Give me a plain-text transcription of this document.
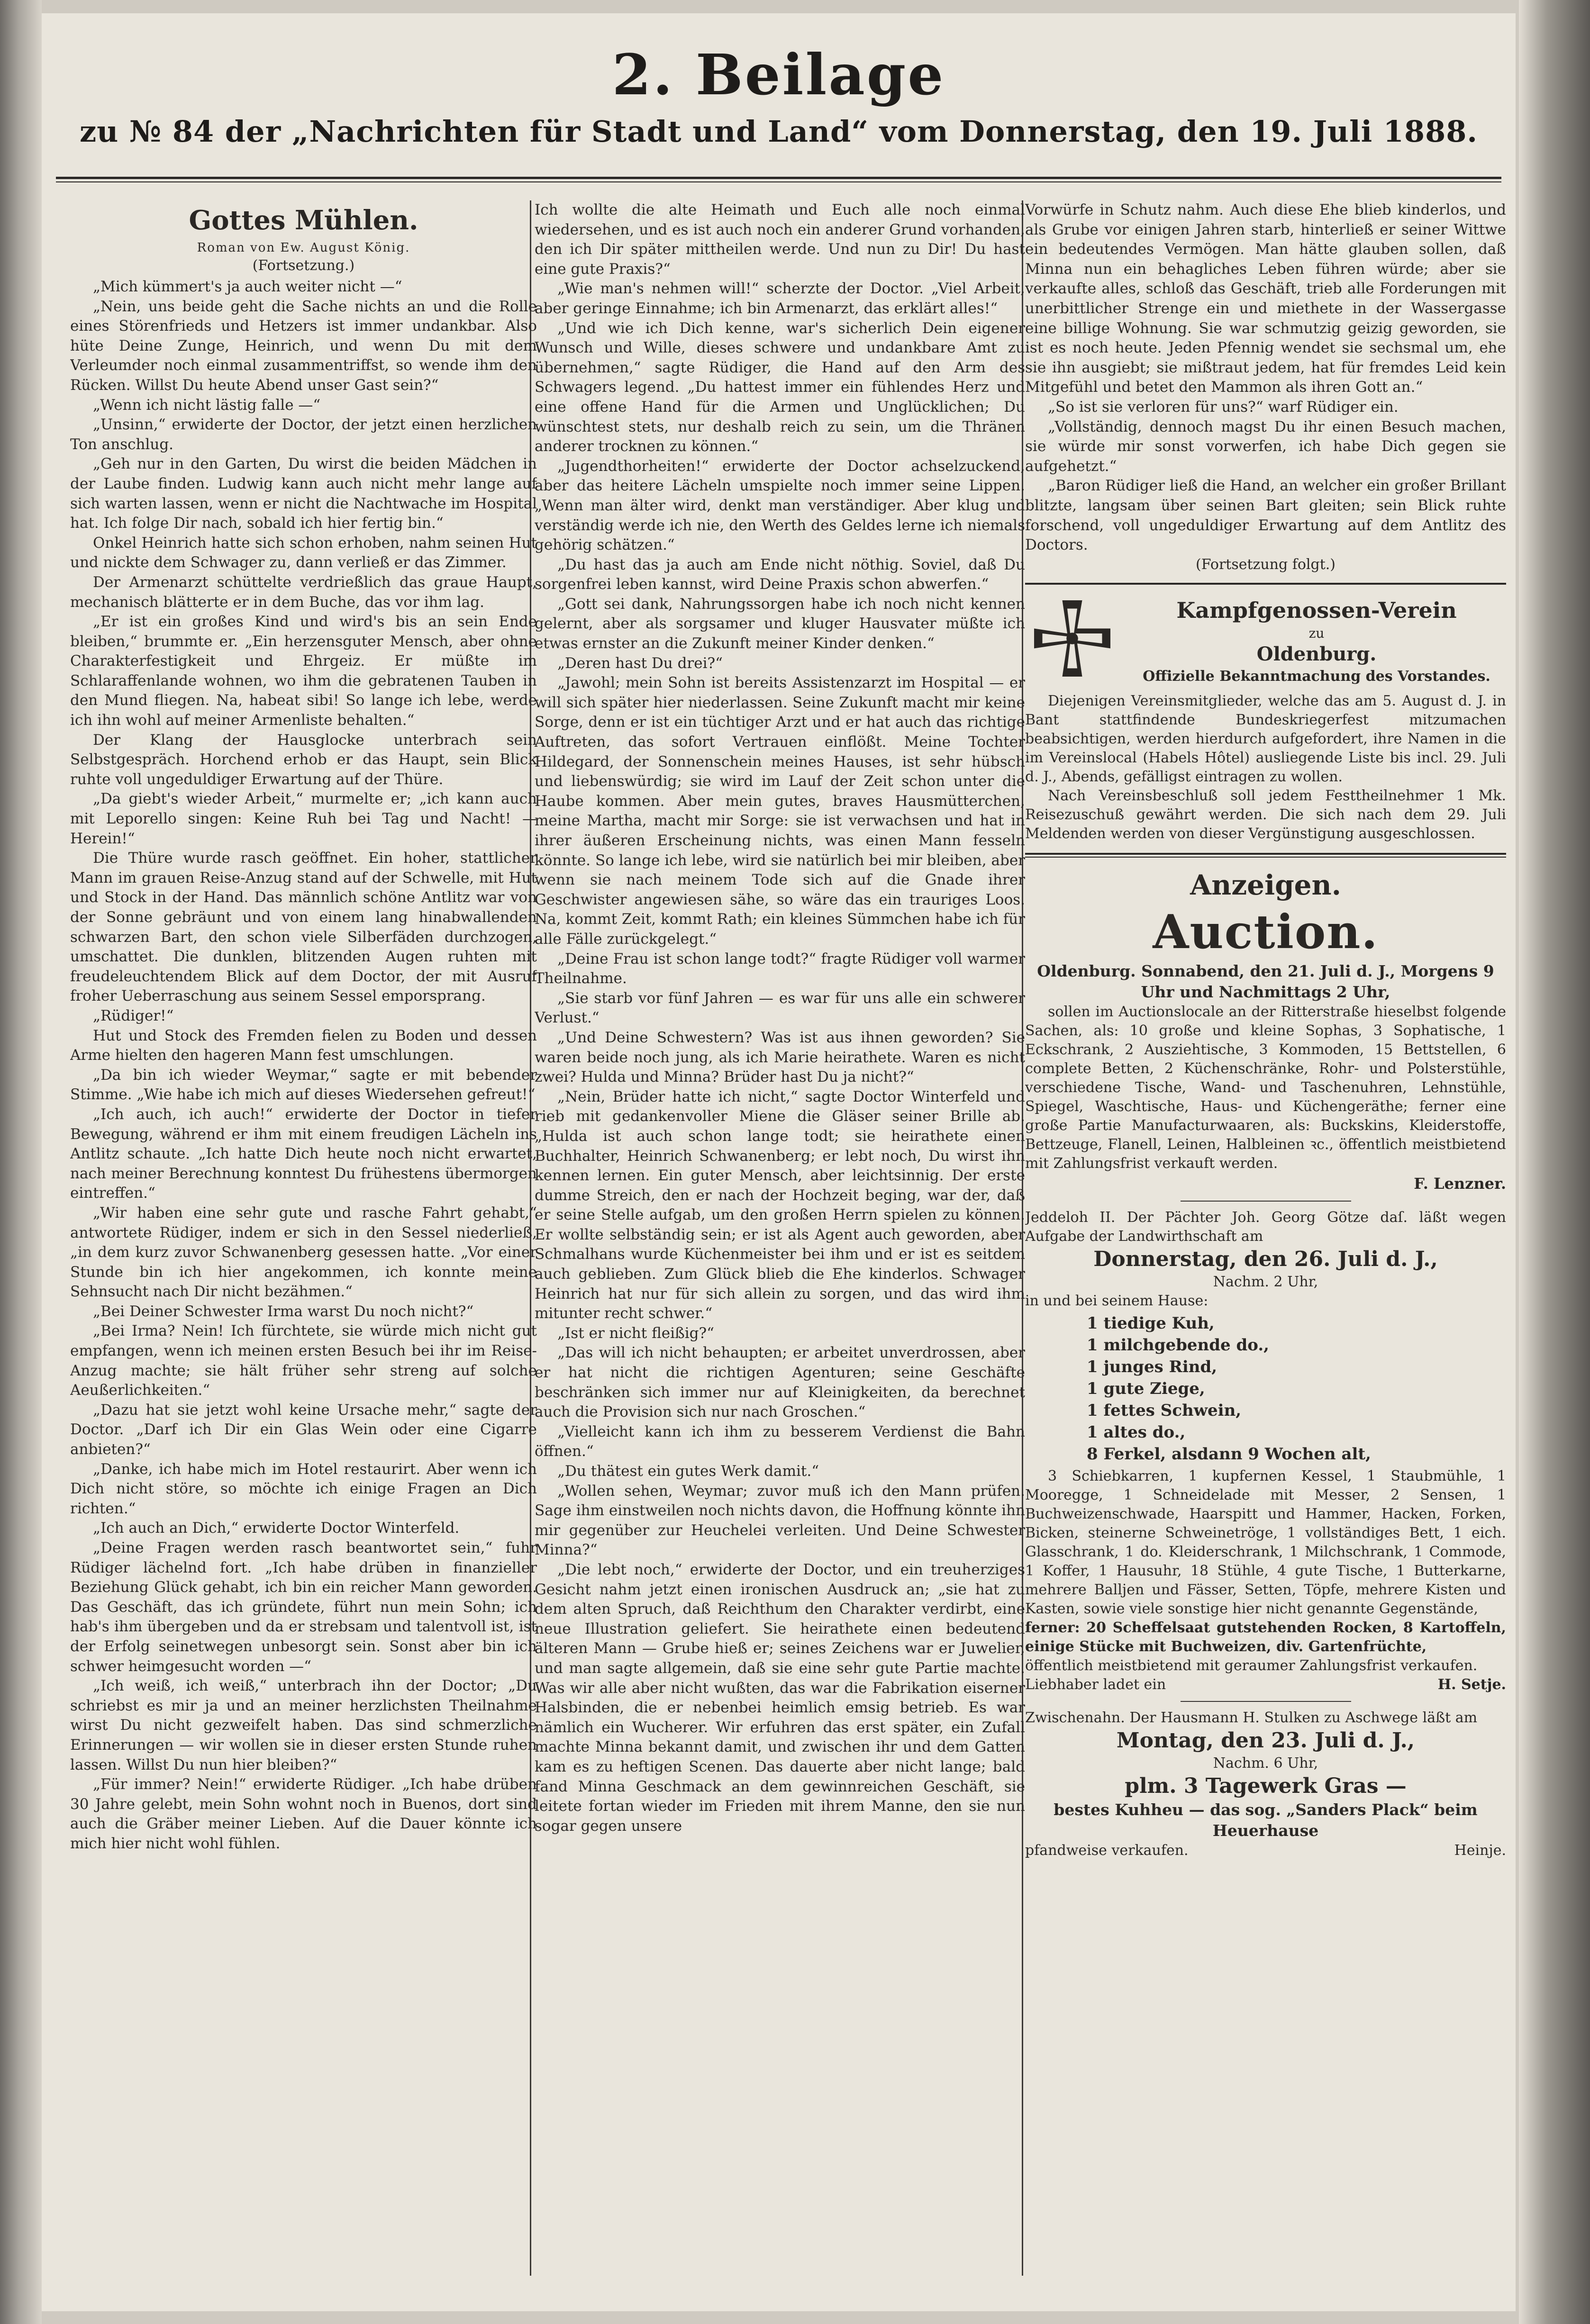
2. Beilage
zu № 84 der „Nachrichten für Stadt und Land“ vom Donnerstag, den 19. Juli 1888.
Gottes Mühlen.
Roman von Ew. August König.
(Fortsetzung.)

„Mich kümmert's ja auch weiter nicht —“

„Nein, uns beide geht die Sache nichts an und die Rolle eines Störenfrieds und Hetzers ist immer undankbar. Also hüte Deine Zunge, Heinrich, und wenn Du mit dem Verleumder noch einmal zusammentriffst, so wende ihm den Rücken. Willst Du heute Abend unser Gast sein?“

„Wenn ich nicht lästig falle —“

„Unsinn,“ erwiderte der Doctor, der jetzt einen herzlichen Ton anschlug.

„Geh nur in den Garten, Du wirst die beiden Mädchen in der Laube finden. Ludwig kann auch nicht mehr lange auf sich warten lassen, wenn er nicht die Nachtwache im Hospital hat. Ich folge Dir nach, sobald ich hier fertig bin.“

Onkel Heinrich hatte sich schon erhoben, nahm seinen Hut und nickte dem Schwager zu, dann verließ er das Zimmer.

Der Armenarzt schüttelte verdrießlich das graue Haupt, mechanisch blätterte er in dem Buche, das vor ihm lag.

„Er ist ein großes Kind und wird's bis an sein Ende bleiben,“ brummte er. „Ein herzensguter Mensch, aber ohne Charakterfestigkeit und Ehrgeiz. Er müßte im Schlaraffenlande wohnen, wo ihm die gebratenen Tauben in den Mund fliegen. Na, habeat sibi! So lange ich lebe, werde ich ihn wohl auf meiner Armenliste behalten.“

Der Klang der Hausglocke unterbrach sein Selbstgespräch. Horchend erhob er das Haupt, sein Blick ruhte voll ungeduldiger Erwartung auf der Thüre.

„Da giebt's wieder Arbeit,“ murmelte er; „ich kann auch mit Leporello singen: Keine Ruh bei Tag und Nacht! — Herein!“

Die Thüre wurde rasch geöffnet. Ein hoher, stattlicher Mann im grauen Reise-Anzug stand auf der Schwelle, mit Hut und Stock in der Hand. Das männlich schöne Antlitz war von der Sonne gebräunt und von einem lang hinabwallenden schwarzen Bart, den schon viele Silberfäden durchzogen, umschattet. Die dunklen, blitzenden Augen ruhten mit freudeleuchtendem Blick auf dem Doctor, der mit Ausruf froher Ueberraschung aus seinem Sessel emporsprang.

„Rüdiger!“

Hut und Stock des Fremden fielen zu Boden und dessen Arme hielten den hageren Mann fest umschlungen.

„Da bin ich wieder Weymar,“ sagte er mit bebender Stimme. „Wie habe ich mich auf dieses Wiedersehen gefreut!“

„Ich auch, ich auch!“ erwiderte der Doctor in tiefer Bewegung, während er ihm mit einem freudigen Lächeln ins Antlitz schaute. „Ich hatte Dich heute noch nicht erwartet, nach meiner Berechnung konntest Du frühestens übermorgen eintreffen.“

„Wir haben eine sehr gute und rasche Fahrt gehabt,“ antwortete Rüdiger, indem er sich in den Sessel niederließ, „in dem kurz zuvor Schwanenberg gesessen hatte. „Vor einer Stunde bin ich hier angekommen, ich konnte meine Sehnsucht nach Dir nicht bezähmen.“

„Bei Deiner Schwester Irma warst Du noch nicht?“

„Bei Irma? Nein! Ich fürchtete, sie würde mich nicht gut empfangen, wenn ich meinen ersten Besuch bei ihr im Reise-Anzug machte; sie hält früher sehr streng auf solche Aeußerlichkeiten.“

„Dazu hat sie jetzt wohl keine Ursache mehr,“ sagte der Doctor. „Darf ich Dir ein Glas Wein oder eine Cigarre anbieten?“

„Danke, ich habe mich im Hotel restaurirt. Aber wenn ich Dich nicht störe, so möchte ich einige Fragen an Dich richten.“

„Ich auch an Dich,“ erwiderte Doctor Winterfeld.

„Deine Fragen werden rasch beantwortet sein,“ fuhr Rüdiger lächelnd fort. „Ich habe drüben in finanzieller Beziehung Glück gehabt, ich bin ein reicher Mann geworden. Das Geschäft, das ich gründete, führt nun mein Sohn; ich hab's ihm übergeben und da er strebsam und talentvoll ist, ist der Erfolg seinetwegen unbesorgt sein. Sonst aber bin ich schwer heimgesucht worden —“

„Ich weiß, ich weiß,“ unterbrach ihn der Doctor; „Du schriebst es mir ja und an meiner herzlichsten Theilnahme wirst Du nicht gezweifelt haben. Das sind schmerzliche Erinnerungen — wir wollen sie in dieser ersten Stunde ruhen lassen. Willst Du nun hier bleiben?“

„Für immer? Nein!“ erwiderte Rüdiger. „Ich habe drüben 30 Jahre gelebt, mein Sohn wohnt noch in Buenos, dort sind auch die Gräber meiner Lieben. Auf die Dauer könnte ich mich hier nicht wohl fühlen.

Ich wollte die alte Heimath und Euch alle noch einmal wiedersehen, und es ist auch noch ein anderer Grund vorhanden, den ich Dir später mittheilen werde. Und nun zu Dir! Du hast eine gute Praxis?“

„Wie man's nehmen will!“ scherzte der Doctor. „Viel Arbeit, aber geringe Einnahme; ich bin Armenarzt, das erklärt alles!“

„Und wie ich Dich kenne, war's sicherlich Dein eigener Wunsch und Wille, dieses schwere und undankbare Amt zu übernehmen,“ sagte Rüdiger, die Hand auf den Arm des Schwagers legend. „Du hattest immer ein fühlendes Herz und eine offene Hand für die Armen und Unglücklichen; Du wünschtest stets, nur deshalb reich zu sein, um die Thränen anderer trocknen zu können.“

„Jugendthorheiten!“ erwiderte der Doctor achselzuckend, aber das heitere Lächeln umspielte noch immer seine Lippen. „Wenn man älter wird, denkt man verständiger. Aber klug und verständig werde ich nie, den Werth des Geldes lerne ich niemals gehörig schätzen.“

„Du hast das ja auch am Ende nicht nöthig. Soviel, daß Du sorgenfrei leben kannst, wird Deine Praxis schon abwerfen.“

„Gott sei dank, Nahrungssorgen habe ich noch nicht kennen gelernt, aber als sorgsamer und kluger Hausvater müßte ich etwas ernster an die Zukunft meiner Kinder denken.“

„Deren hast Du drei?“

„Jawohl; mein Sohn ist bereits Assistenzarzt im Hospital — er will sich später hier niederlassen. Seine Zukunft macht mir keine Sorge, denn er ist ein tüchtiger Arzt und er hat auch das richtige Auftreten, das sofort Vertrauen einflößt. Meine Tochter Hildegard, der Sonnenschein meines Hauses, ist sehr hübsch und liebenswürdig; sie wird im Lauf der Zeit schon unter die Haube kommen. Aber mein gutes, braves Hausmütterchen, meine Martha, macht mir Sorge: sie ist verwachsen und hat in ihrer äußeren Erscheinung nichts, was einen Mann fesseln könnte. So lange ich lebe, wird sie natürlich bei mir bleiben, aber wenn sie nach meinem Tode sich auf die Gnade ihrer Geschwister angewiesen sähe, so wäre das ein trauriges Loos. Na, kommt Zeit, kommt Rath; ein kleines Sümmchen habe ich für alle Fälle zurückgelegt.“

„Deine Frau ist schon lange todt?“ fragte Rüdiger voll warmer Theilnahme.

„Sie starb vor fünf Jahren — es war für uns alle ein schwerer Verlust.“

„Und Deine Schwestern? Was ist aus ihnen geworden? Sie waren beide noch jung, als ich Marie heirathete. Waren es nicht zwei? Hulda und Minna? Brüder hast Du ja nicht?“

„Nein, Brüder hatte ich nicht,“ sagte Doctor Winterfeld und rieb mit gedankenvoller Miene die Gläser seiner Brille ab. „Hulda ist auch schon lange todt; sie heirathete einen Buchhalter, Heinrich Schwanenberg; er lebt noch, Du wirst ihn kennen lernen. Ein guter Mensch, aber leichtsinnig. Der erste dumme Streich, den er nach der Hochzeit beging, war der, daß er seine Stelle aufgab, um den großen Herrn spielen zu können. Er wollte selbständig sein; er ist als Agent auch geworden, aber Schmalhans wurde Küchenmeister bei ihm und er ist es seitdem auch geblieben. Zum Glück blieb die Ehe kinderlos. Schwager Heinrich hat nur für sich allein zu sorgen, und das wird ihm mitunter recht schwer.“

„Ist er nicht fleißig?“

„Das will ich nicht behaupten; er arbeitet unverdrossen, aber er hat nicht die richtigen Agenturen; seine Geschäfte beschränken sich immer nur auf Kleinigkeiten, da berechnet auch die Provision sich nur nach Groschen.“

„Vielleicht kann ich ihm zu besserem Verdienst die Bahn öffnen.“

„Du thätest ein gutes Werk damit.“

„Wollen sehen, Weymar; zuvor muß ich den Mann prüfen. Sage ihm einstweilen noch nichts davon, die Hoffnung könnte ihn mir gegenüber zur Heuchelei verleiten. Und Deine Schwester Minna?“

„Die lebt noch,“ erwiderte der Doctor, und ein treuherziges Gesicht nahm jetzt einen ironischen Ausdruck an; „sie hat zu dem alten Spruch, daß Reichthum den Charakter verdirbt, eine neue Illustration geliefert. Sie heirathete einen bedeutend älteren Mann — Grube hieß er; seines Zeichens war er Juwelier, und man sagte allgemein, daß sie eine sehr gute Partie machte. Was wir alle aber nicht wußten, das war die Fabrikation eiserner Halsbinden, die er nebenbei heimlich emsig betrieb. Es war nämlich ein Wucherer. Wir erfuhren das erst später, ein Zufall machte Minna bekannt damit, und zwischen ihr und dem Gatten kam es zu heftigen Scenen. Das dauerte aber nicht lange; bald fand Minna Geschmack an dem gewinnreichen Geschäft, sie leitete fortan wieder im Frieden mit ihrem Manne, den sie nun sogar gegen unsere

Vorwürfe in Schutz nahm. Auch diese Ehe blieb kinderlos, und als Grube vor einigen Jahren starb, hinterließ er seiner Wittwe ein bedeutendes Vermögen. Man hätte glauben sollen, daß Minna nun ein behagliches Leben führen würde; aber sie verkaufte alles, schloß das Geschäft, trieb alle Forderungen mit unerbittlicher Strenge ein und miethete in der Wassergasse eine billige Wohnung. Sie war schmutzig geizig geworden, sie ist es noch heute. Jeden Pfennig wendet sie sechsmal um, ehe sie ihn ausgiebt; sie mißtraut jedem, hat für fremdes Leid kein Mitgefühl und betet den Mammon als ihren Gott an.“

„So ist sie verloren für uns?“ warf Rüdiger ein.

„Vollständig, dennoch magst Du ihr einen Besuch machen, sie würde mir sonst vorwerfen, ich habe Dich gegen sie aufgehetzt.“

„Baron Rüdiger ließ die Hand, an welcher ein großer Brillant blitzte, langsam über seinen Bart gleiten; sein Blick ruhte forschend, voll ungeduldiger Erwartung auf dem Antlitz des Doctors.

(Fortsetzung folgt.)
Kampfgenossen-Verein
zu
Oldenburg.
Offizielle Bekanntmachung des Vorstandes.

Diejenigen Vereinsmitglieder, welche das am 5. August d. J. in Bant stattfindende Bundeskriegerfest mitzumachen beabsichtigen, werden hierdurch aufgefordert, ihre Namen in die im Vereinslocal (Habels Hôtel) ausliegende Liste bis incl. 29. Juli d. J., Abends, gefälligst eintragen zu wollen.

Nach Vereinsbeschluß soll jedem Festtheilnehmer 1 Mk. Reisezuschuß gewährt werden. Die sich nach dem 29. Juli Meldenden werden von dieser Vergünstigung ausgeschlossen.

Anzeigen.
Auction.
Oldenburg. Sonnabend, den 21. Juli d. J., Morgens 9 Uhr und Nachmittags 2 Uhr,

sollen im Auctionslocale an der Ritterstraße hieselbst folgende Sachen, als: 10 große und kleine Sophas, 3 Sophatische, 1 Eckschrank, 2 Ausziehtische, 3 Kommoden, 15 Bettstellen, 6 complete Betten, 2 Küchenschränke, Rohr- und Polsterstühle, verschiedene Tische, Wand- und Taschenuhren, Lehnstühle, Spiegel, Waschtische, Haus- und Küchengeräthe; ferner eine große Partie Manufacturwaaren, als: Buckskins, Kleiderstoffe, Bettzeuge, Flanell, Leinen, Halbleinen ꝛc., öffentlich meistbietend mit Zahlungsfrist verkauft werden.

F. Lenzner.

Jeddeloh II. Der Pächter Joh. Georg Götze daſ. läßt wegen Aufgabe der Landwirthschaft am

Donnerstag, den 26. Juli d. J.,
Nachm. 2 Uhr,
in und bei seinem Hause:
1 tiedige Kuh,
1 milchgebende do.,
1 junges Rind,
1 gute Ziege,
1 fettes Schwein,
1 altes do.,
8 Ferkel, alsdann 9 Wochen alt,

3 Schiebkarren, 1 kupfernen Kessel, 1 Staubmühle, 1 Mooregge, 1 Schneidelade mit Messer, 2 Sensen, 1 Buchweizenschwade, Haarspitt und Hammer, Hacken, Forken, Bicken, steinerne Schweinetröge, 1 vollständiges Bett, 1 eich. Glasschrank, 1 do. Kleiderschrank, 1 Milchschrank, 1 Commode, 1 Koffer, 1 Hausuhr, 18 Stühle, 4 gute Tische, 1 Butterkarne, mehrere Balljen und Fässer, Setten, Töpfe, mehrere Kisten und Kasten, sowie viele sonstige hier nicht genannte Gegenstände,

ferner: 20 Scheffelsaat gutstehenden Rocken, 8 Kartoffeln, einige Stücke mit Buchweizen, div. Gartenfrüchte,

öffentlich meistbietend mit geraumer Zahlungsfrist verkaufen.

Liebhaber ladet ein	H. Setje.

Zwischenahn. Der Hausmann H. Stulken zu Aschwege läßt am

Montag, den 23. Juli d. J.,
Nachm. 6 Uhr,
plm. 3 Tagewerk Gras —
bestes Kuhheu — das sog. „Sanders Plack“ beim Heuerhause
pfandweise verkaufen.	Heinje.
